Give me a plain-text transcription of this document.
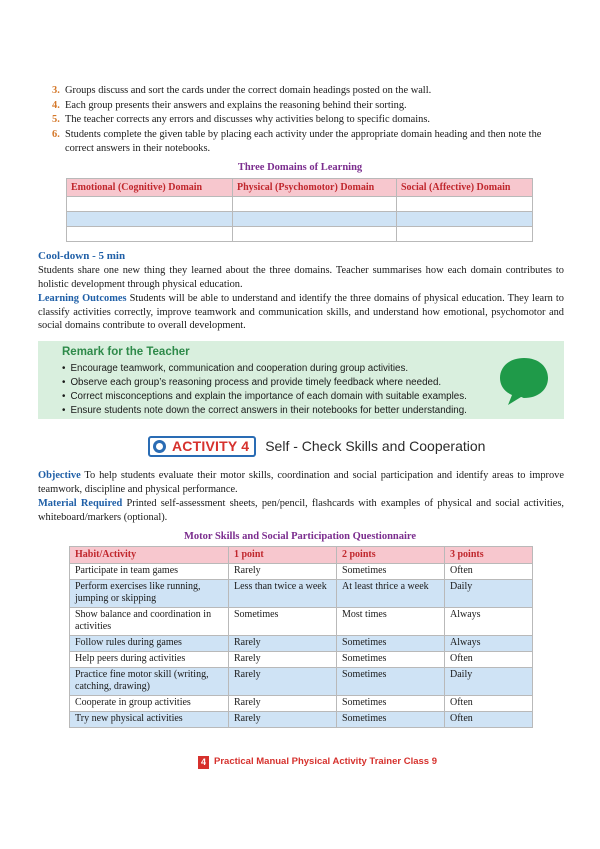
3. Groups discuss and sort the cards under the correct domain headings posted on the wall.
4. Each group presents their answers and explains the reasoning behind their sorting.
5. The teacher corrects any errors and discusses why activities belong to specific domains.
6. Students complete the given table by placing each activity under the appropriate domain heading and then note the correct answers in their notebooks.
Three Domains of Learning
Emotional (Cognitive) Domain	Physical (Psychomotor) Domain	Social (Affective) Domain

Cool-down - 5 min

Students share one new thing they learned about the three domains. Teacher summarises how each domain contributes to holistic development through physical education.

Learning Outcomes Students will be able to understand and identify the three domains of physical education. They learn to classify activities correctly, improve teamwork and communication skills, and understand how emotional, psychomotor and social domains contribute to overall development.

Remark for the Teacher
• Encourage teamwork, communication and cooperation during group activities.
• Observe each group’s reasoning process and provide timely feedback where needed.
• Correct misconceptions and explain the importance of each domain with suitable examples.
• Ensure students note down the correct answers in their notebooks for better understanding.
ACTIVITY 4 Self - Check Skills and Cooperation

Objective To help students evaluate their motor skills, coordination and social participation and identify areas to improve teamwork, discipline and physical performance.

Material Required Printed self-assessment sheets, pen/pencil, flashcards with examples of physical and social activities, whiteboard/markers (optional).

Motor Skills and Social Participation Questionnaire
Habit/Activity	1 point	2 points	3 points
Participate in team games	Rarely	Sometimes	Often
Perform exercises like running, jumping or skipping	Less than twice a week	At least thrice a week	Daily
Show balance and coordination in activities	Sometimes	Most times	Always
Follow rules during games	Rarely	Sometimes	Always
Help peers during activities	Rarely	Sometimes	Often
Practice fine motor skill (writing, catching, drawing)	Rarely	Sometimes	Daily
Cooperate in group activities	Rarely	Sometimes	Often
Try new physical activities	Rarely	Sometimes	Often
4 Practical Manual Physical Activity Trainer Class 9
